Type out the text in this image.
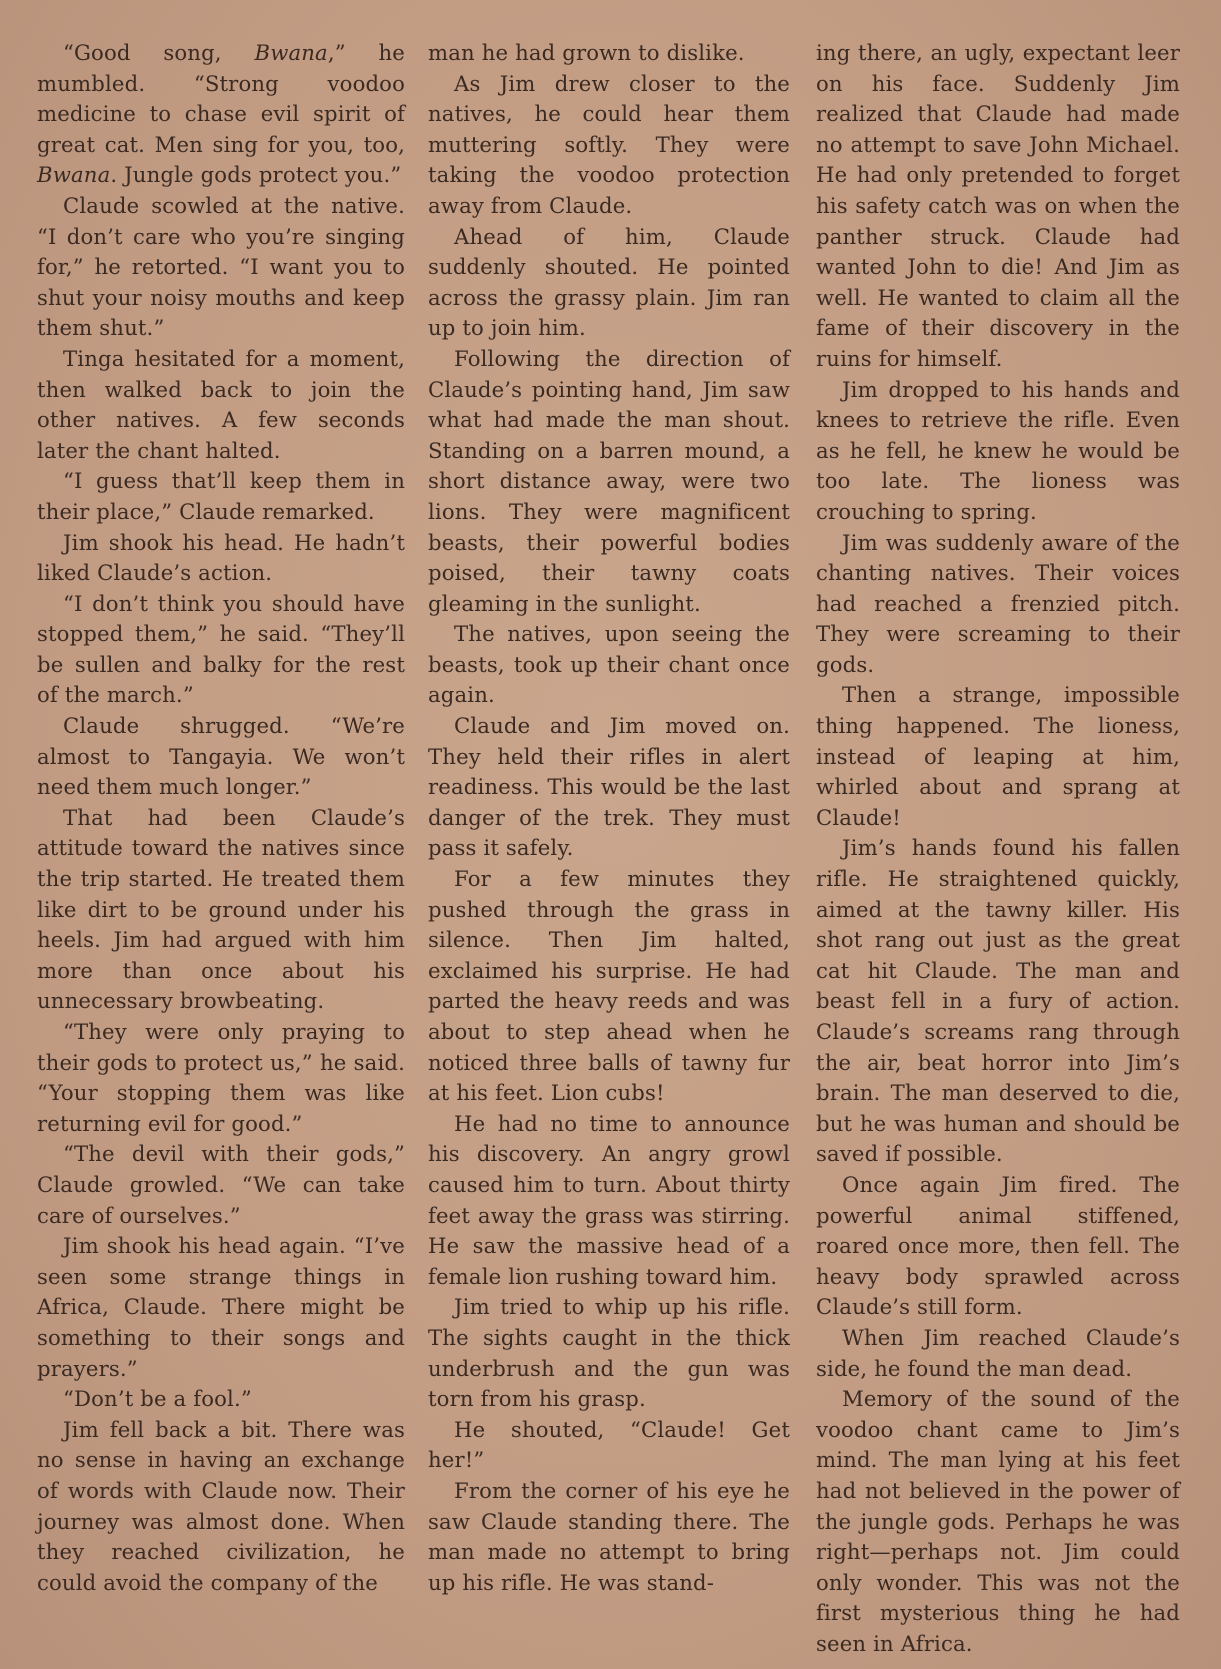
“Good song, Bwana,” he mumbled. “Strong voodoo medicine to chase evil spirit of great cat. Men sing for you, too, Bwana. Jungle gods protect you.”

Claude scowled at the native. “I don’t care who you’re singing for,” he retorted. “I want you to shut your noisy mouths and keep them shut.”

Tinga hesitated for a moment, then walked back to join the other natives. A few seconds later the chant halted.

“I guess that’ll keep them in their place,” Claude remarked.

Jim shook his head. He hadn’t liked Claude’s action.

“I don’t think you should have stopped them,” he said. “They’ll be sullen and balky for the rest of the march.”

Claude shrugged. “We’re almost to Tangayia. We won’t need them much longer.”

That had been Claude’s attitude toward the natives since the trip started. He treated them like dirt to be ground under his heels. Jim had argued with him more than once about his unnecessary browbeating.

“They were only praying to their gods to protect us,” he said. “Your stopping them was like returning evil for good.”

“The devil with their gods,” Claude growled. “We can take care of ourselves.”

Jim shook his head again. “I’ve seen some strange things in Africa, Claude. There might be something to their songs and prayers.”

“Don’t be a fool.”

Jim fell back a bit. There was no sense in having an exchange of words with Claude now. Their journey was almost done. When they reached civilization, he could avoid the company of the

man he had grown to dislike.

As Jim drew closer to the natives, he could hear them muttering softly. They were taking the voodoo protection away from Claude.

Ahead of him, Claude suddenly shouted. He pointed across the grassy plain. Jim ran up to join him.

Following the direction of Claude’s pointing hand, Jim saw what had made the man shout. Standing on a barren mound, a short distance away, were two lions. They were magnificent beasts, their powerful bodies poised, their tawny coats gleaming in the sunlight.

The natives, upon seeing the beasts, took up their chant once again.

Claude and Jim moved on. They held their rifles in alert readiness. This would be the last danger of the trek. They must pass it safely.

For a few minutes they pushed through the grass in silence. Then Jim halted, exclaimed his surprise. He had parted the heavy reeds and was about to step ahead when he noticed three balls of tawny fur at his feet. Lion cubs!

He had no time to announce his discovery. An angry growl caused him to turn. About thirty feet away the grass was stirring. He saw the massive head of a female lion rushing toward him.

Jim tried to whip up his rifle. The sights caught in the thick underbrush and the gun was torn from his grasp.

He shouted, “Claude! Get her!”

From the corner of his eye he saw Claude standing there. The man made no attempt to bring up his rifle. He was stand-

ing there, an ugly, expectant leer on his face. Suddenly Jim realized that Claude had made no attempt to save John Michael. He had only pretended to forget his safety catch was on when the panther struck. Claude had wanted John to die! And Jim as well. He wanted to claim all the fame of their discovery in the ruins for himself.

Jim dropped to his hands and knees to retrieve the rifle. Even as he fell, he knew he would be too late. The lioness was crouching to spring.

Jim was suddenly aware of the chanting natives. Their voices had reached a frenzied pitch. They were screaming to their gods.

Then a strange, impossible thing happened. The lioness, instead of leaping at him, whirled about and sprang at Claude!

Jim’s hands found his fallen rifle. He straightened quickly, aimed at the tawny killer. His shot rang out just as the great cat hit Claude. The man and beast fell in a fury of action. Claude’s screams rang through the air, beat horror into Jim’s brain. The man deserved to die, but he was human and should be saved if possible.

Once again Jim fired. The powerful animal stiffened, roared once more, then fell. The heavy body sprawled across Claude’s still form.

When Jim reached Claude’s side, he found the man dead.

Memory of the sound of the voodoo chant came to Jim’s mind. The man lying at his feet had not believed in the power of the jungle gods. Perhaps he was right—perhaps not. Jim could only wonder. This was not the first mysterious thing he had seen in Africa.
